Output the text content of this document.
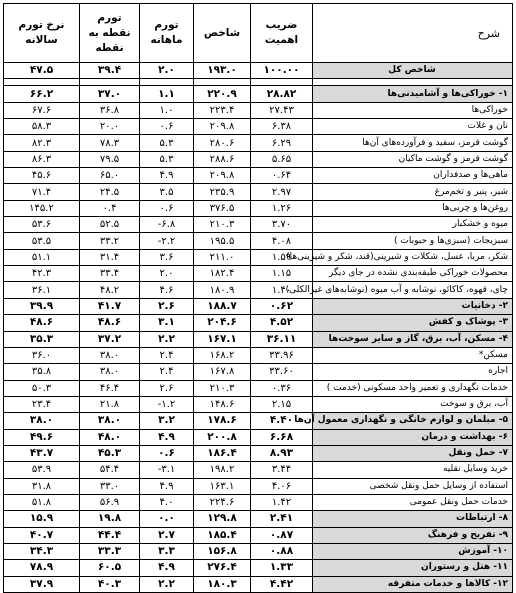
شرح	ضریب اهمیت	شاخص	تورم ماهانه	تورم نقطه به نقطه	نرخ تورم سالانه
شاخص کل	۱۰۰.۰۰	۱۹۳.۰	۲.۰	۳۹.۴	۴۷.۵

۱- خوراکی‌ها و آشامیدنی‌ها	۲۸.۸۲	۲۲۰.۹	۱.۱	۳۷.۰	۶۶.۲
خوراکی‌ها	۲۷.۴۳	۲۲۳.۴	۱.۰	۳۶.۸	۶۷.۶
نان و غلات	۶.۳۸	۲۰۹.۸	۰.۶	۲۰.۰	۵۸.۳
گوشت قرمز، سفید و فرآورده‌های آن‌ها	۶.۲۹	۲۸۰.۶	۵.۳	۷۸.۳	۸۲.۳
گوشت قرمز و گوشت ماکیان	۵.۶۵	۲۸۸.۶	۵.۳	۷۹.۵	۸۶.۳
ماهی‌ها و صدفداران	۰.۶۴	۲۰۹.۸	۴.۹	۶۵.۰	۴۵.۶
شیر، پنیر و تخم‌مرغ	۲.۹۷	۲۳۵.۹	۳.۵	۲۴.۵	۷۱.۴
روغن‌ها و چربی‌ها	۱.۲۶	۳۷۶.۵	۰.۶	۰.۴	۱۴۵.۲
میوه و خشکبار	۳.۷۰	۲۱۰.۳	۶.۸-	۵۲.۵	۵۳.۶
سبزیجات (سبزی‌ها و حبوبات )	۴.۰۸	۱۹۵.۵	۲.۲-	۳۳.۲	۵۳.۵
شکر، مربا، عسل، شکلات و شیرینی(قند، شکر و شیرینی‌ها)	۱.۵۹	۲۱۱.۰	۳.۶	۳۱.۴	۵۱.۱
محصولات خوراکی طبقه‌بندی نشده در جای دیگر	۱.۱۵	۱۸۲.۴	۲.۰	۳۳.۴	۴۲.۳
چای، قهوه، کاکائو، نوشابه و آب میوه (نوشابه‌های غیرالکلی)	۱.۴۰	۱۸۰.۹	۴.۶	۴۸.۲	۳۶.۱
۲- دخانیات	۰.۶۲	۱۸۸.۷	۲.۶	۴۱.۷	۳۹.۹
۳- پوشاک و کفش	۴.۵۲	۲۰۴.۶	۳.۱	۴۸.۶	۴۸.۶
۴- مسکن، آب، برق، گاز و سایر سوخت‌ها	۳۶.۱۱	۱۶۷.۱	۲.۲	۳۷.۲	۳۵.۳
مسکن*	۳۳.۹۶	۱۶۸.۲	۲.۴	۳۸.۰	۳۶.۰
اجاره	۳۳.۶۰	۱۶۷.۸	۲.۴	۳۸.۰	۳۵.۸
خدمات نگهداری و تعمیر واحد مسکونی (خدمت )	۰.۳۶	۲۱۰.۳	۲.۶	۴۶.۴	۵۰.۳
آب، برق و سوخت	۲.۱۵	۱۴۸.۶	۱.۲-	۲۱.۸	۲۳.۴
۵- مبلمان و لوازم خانگی و نگهداری معمول آن‌ها	۴.۴۰	۱۷۸.۶	۳.۲	۳۸.۰	۳۸.۰
۶- بهداشت و درمان	۶.۶۸	۲۰۰.۸	۴.۹	۴۸.۰	۴۹.۶
۷- حمل ونقل	۸.۹۳	۱۸۶.۴	۰.۶	۴۵.۳	۴۳.۷
خرید وسایل نقلیه	۳.۴۴	۱۹۸.۲	۳.۱-	۵۴.۴	۵۳.۹
استفاده از وسایل حمل ونقل شخصی	۴.۰۶	۱۶۳.۱	۴.۹	۳۳.۰	۳۱.۸
خدمات حمل ونقل عمومی	۱.۴۲	۲۲۴.۶	۴.۰	۵۶.۹	۵۱.۸
۸- ارتباطات	۲.۴۱	۱۲۹.۸	۰.۰	۱۹.۸	۱۵.۹
۹- تفریح و فرهنگ	۰.۸۷	۱۸۵.۴	۲.۷	۴۴.۴	۴۰.۷
۱۰- آموزش	۰.۸۸	۱۵۶.۸	۳.۳	۳۳.۳	۳۴.۳
۱۱- هتل و رستوران	۱.۳۳	۲۷۶.۴	۴.۹	۶۰.۵	۷۸.۹
۱۲- کالاها و خدمات متفرقه	۴.۴۲	۱۸۰.۳	۲.۲	۴۰.۳	۳۷.۹
